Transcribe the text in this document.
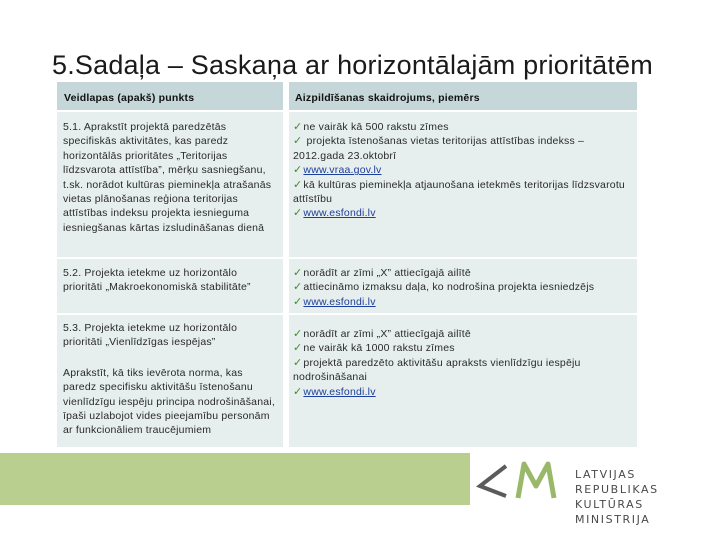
5.Sadaļa – Saskaņa ar horizontālajām prioritātēm
Veidlapas (apakš) punkts	Aizpildīšanas skaidrojums, piemērs
5.1. Aprakstīt projektā paredzētās specifiskās aktivitātes, kas paredz horizontālās prioritātes „Teritorijas līdzsvarota attīstība”, mērķu sasniegšanu, t.sk. norādot kultūras pieminekļa atrašanās vietas plānošanas reģiona teritorijas attīstības indeksu projekta iesnieguma iesniegšanas kārtas izsludināšanas dienā
✓ne vairāk kā 500 rakstu zīmes
✓ projekta īstenošanas vietas teritorijas attīstības indekss – 2012.gada 23.oktobrī
✓www.vraa.gov.lv
✓kā kultūras pieminekļa atjaunošana ietekmēs teritorijas līdzsvarotu attīstību
✓www.esfondi.lv
5.2. Projekta ietekme uz horizontālo prioritāti „Makroekonomiskā stabilitāte”
✓norādīt ar zīmi „X” attiecīgajā ailītē
✓attiecināmo izmaksu daļa, ko nodrošina projekta iesniedzējs
✓www.esfondi.lv
5.3. Projekta ietekme uz horizontālo prioritāti „Vienlīdzīgas iespējas”
Aprakstīt, kā tiks ievērota norma, kas paredz specifisku aktivitāšu īstenošanu vienlīdzīgu iespēju principa nodrošināšanai, īpaši uzlabojot vides pieejamību personām ar funkcionāliem traucējumiem
✓norādīt ar zīmi „X” attiecīgajā ailītē
✓ne vairāk kā 1000 rakstu zīmes
✓projektā paredzēto aktivitāšu apraksts vienlīdzīgu iespēju nodrošināšanai
✓www.esfondi.lv
LATVIJAS REPUBLIKAS
KULTŪRAS MINISTRIJA
